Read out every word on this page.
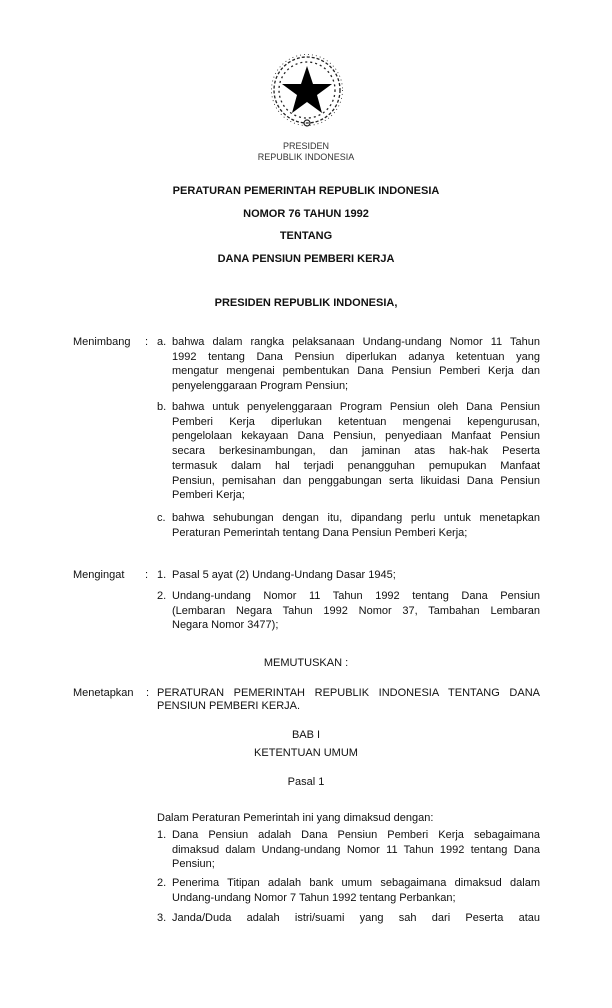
PRESIDEN
REPUBLIK INDONESIA
PERATURAN PEMERINTAH REPUBLIK INDONESIA
NOMOR 76 TAHUN 1992
TENTANG
DANA PENSIUN PEMBERI KERJA
PRESIDEN REPUBLIK INDONESIA,
Menimbang :
Mengingat :
MEMUTUSKAN :
Menetapkan :
BAB I
KETENTUAN UMUM
Pasal 1
Dalam Peraturan Pemerintah ini yang dimaksud dengan:
a. bahwa dalam rangka pelaksanaan Undang-undang Nomor 11 Tahun
1992 tentang Dana Pensiun diperlukan adanya ketentuan yang
mengatur mengenai pembentukan Dana Pensiun Pemberi Kerja dan
penyelenggaraan Program Pensiun;
b. bahwa untuk penyelenggaraan Program Pensiun oleh Dana Pensiun
Pemberi Kerja diperlukan ketentuan mengenai kepengurusan,
pengelolaan kekayaan Dana Pensiun, penyediaan Manfaat Pensiun
secara berkesinambungan, dan jaminan atas hak-hak Peserta
termasuk dalam hal terjadi penangguhan pemupukan Manfaat
Pensiun, pemisahan dan penggabungan serta likuidasi Dana Pensiun
Pemberi Kerja;
c. bahwa sehubungan dengan itu, dipandang perlu untuk menetapkan
Peraturan Pemerintah tentang Dana Pensiun Pemberi Kerja;
1. Pasal 5 ayat (2) Undang-Undang Dasar 1945;
2. Undang-undang Nomor 11 Tahun 1992 tentang Dana Pensiun
(Lembaran Negara Tahun 1992 Nomor 37, Tambahan Lembaran
Negara Nomor 3477);
PERATURAN PEMERINTAH REPUBLIK INDONESIA TENTANG DANA
PENSIUN PEMBERI KERJA.
1. Dana Pensiun adalah Dana Pensiun Pemberi Kerja sebagaimana
dimaksud dalam Undang-undang Nomor 11 Tahun 1992 tentang Dana
Pensiun;
2. Penerima Titipan adalah bank umum sebagaimana dimaksud dalam
Undang-undang Nomor 7 Tahun 1992 tentang Perbankan;
3. Janda/Duda adalah istri/suami yang sah dari Peserta atau
